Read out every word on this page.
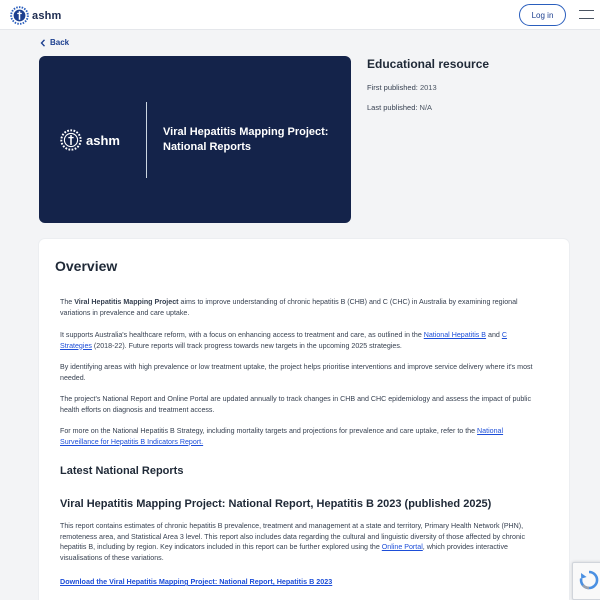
ashm	Log in
Back
ashm
Viral Hepatitis Mapping Project: National Reports
Educational resource
First published: 2013
Last published: N/A
Overview

The Viral Hepatitis Mapping Project aims to improve understanding of chronic hepatitis B (CHB) and C (CHC) in Australia by examining regional variations in prevalence and care uptake.

It supports Australia's healthcare reform, with a focus on enhancing access to treatment and care, as outlined in the National Hepatitis B and C Strategies (2018-22). Future reports will track progress towards new targets in the upcoming 2025 strategies.

By identifying areas with high prevalence or low treatment uptake, the project helps prioritise interventions and improve service delivery where it's most needed.

The project's National Report and Online Portal are updated annually to track changes in CHB and CHC epidemiology and assess the impact of public health efforts on diagnosis and treatment access.

For more on the National Hepatitis B Strategy, including mortality targets and projections for prevalence and care uptake, refer to the National Surveillance for Hepatitis B Indicators Report.

Latest National Reports
Viral Hepatitis Mapping Project: National Report, Hepatitis B 2023 (published 2025)

This report contains estimates of chronic hepatitis B prevalence, treatment and management at a state and territory, Primary Health Network (PHN), remoteness area, and Statistical Area 3 level. This report also includes data regarding the cultural and linguistic diversity of those affected by chronic hepatitis B, including by region. Key indicators included in this report can be further explored using the Online Portal, which provides interactive visualisations of these variations.

Download the Viral Hepatitis Mapping Project: National Report, Hepatitis B 2023
